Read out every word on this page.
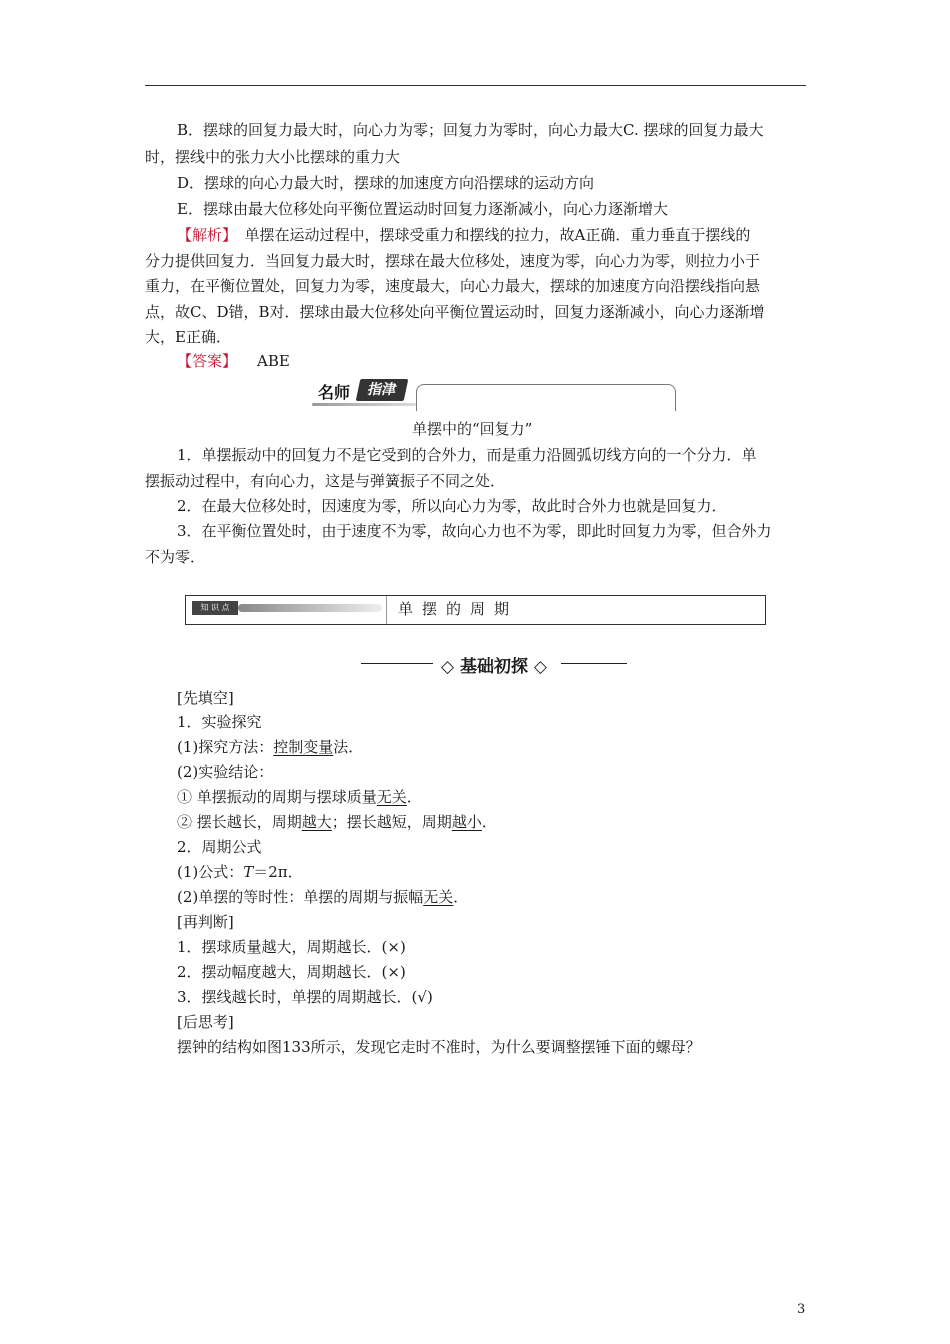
B．摆球的回复力最大时，向心力为零；回复力为零时，向心力最大C. 摆球的回复力最大
时，摆线中的张力大小比摆球的重力大
D．摆球的向心力最大时，摆球的加速度方向沿摆球的运动方向
E．摆球由最大位移处向平衡位置运动时回复力逐渐减小，向心力逐渐增大
【解析】　单摆在运动过程中，摆球受重力和摆线的拉力，故A正确．重力垂直于摆线的
分力提供回复力．当回复力最大时，摆球在最大位移处，速度为零，向心力为零，则拉力小于
重力，在平衡位置处，回复力为零，速度最大，向心力最大，摆球的加速度方向沿摆线指向悬
点，故C、D错，B对．摆球由最大位移处向平衡位置运动时，回复力逐渐减小，向心力逐渐增
大，E正确．
【答案】 ABE
名师	指津
单摆中的“回复力”
1．单摆振动中的回复力不是它受到的合外力，而是重力沿圆弧切线方向的一个分力．单
摆振动过程中，有向心力，这是与弹簧振子不同之处．
2．在最大位移处时，因速度为零，所以向心力为零，故此时合外力也就是回复力．
3．在平衡位置处时，由于速度不为零，故向心力也不为零，即此时回复力为零，但合外力
不为零．
知 识 点	单摆的周期
◇ 基础初探 ◇
[先填空]
1．实验探究
(1)探究方法：控制变量法．
(2)实验结论：
① 单摆振动的周期与摆球质量无关．
② 摆长越长，周期越大；摆长越短，周期越小．
2．周期公式
(1)公式：T＝2π．
(2)单摆的等时性：单摆的周期与振幅无关．
[再判断]
1．摆球质量越大，周期越长．(×)
2．摆动幅度越大，周期越长．(×)
3．摆线越长时，单摆的周期越长．(√)
[后思考]
摆钟的结构如图133所示，发现它走时不准时，为什么要调整摆锤下面的螺母？
3
